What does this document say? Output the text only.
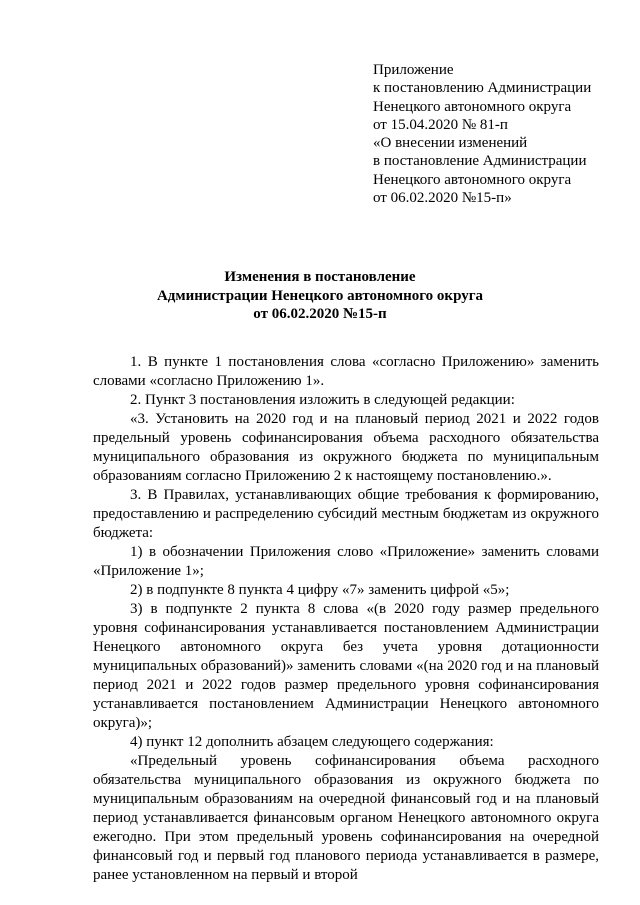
Приложение
к постановлению Администрации
Ненецкого автономного округа
от 15.04.2020 № 81-п
«О внесении изменений
в постановление Администрации
Ненецкого автономного округа
от 06.02.2020 №15-п»
Изменения в постановление
Администрации Ненецкого автономного округа
от 06.02.2020 №15-п

1. В пункте 1 постановления слова «согласно Приложению» заменить словами «согласно Приложению 1».

2. Пункт 3 постановления изложить в следующей редакции:

«3. Установить на 2020 год и на плановый период 2021 и 2022 годов предельный уровень софинансирования объема расходного обязательства муниципального образования из окружного бюджета по муниципальным образованиям согласно Приложению 2 к настоящему постановлению.».

3. В Правилах, устанавливающих общие требования к формированию, предоставлению и распределению субсидий местным бюджетам из окружного бюджета:

1) в обозначении Приложения слово «Приложение» заменить словами «Приложение 1»;

2) в подпункте 8 пункта 4 цифру «7» заменить цифрой «5»;

3) в подпункте 2 пункта 8 слова «(в 2020 году размер предельного уровня софинансирования устанавливается постановлением Администрации Ненецкого автономного округа без учета уровня дотационности муниципальных образований)» заменить словами «(на 2020 год и на плановый период 2021 и 2022 годов размер предельного уровня софинансирования устанавливается постановлением Администрации Ненецкого автономного округа)»;

4) пункт 12 дополнить абзацем следующего содержания:

«Предельный уровень софинансирования объема расходного обязательства муниципального образования из окружного бюджета по муниципальным образованиям на очередной финансовый год и на плановый период устанавливается финансовым органом Ненецкого автономного округа ежегодно. При этом предельный уровень софинансирования на очередной финансовый год и первый год планового периода устанавливается в размере, ранее установленном на первый и второй
